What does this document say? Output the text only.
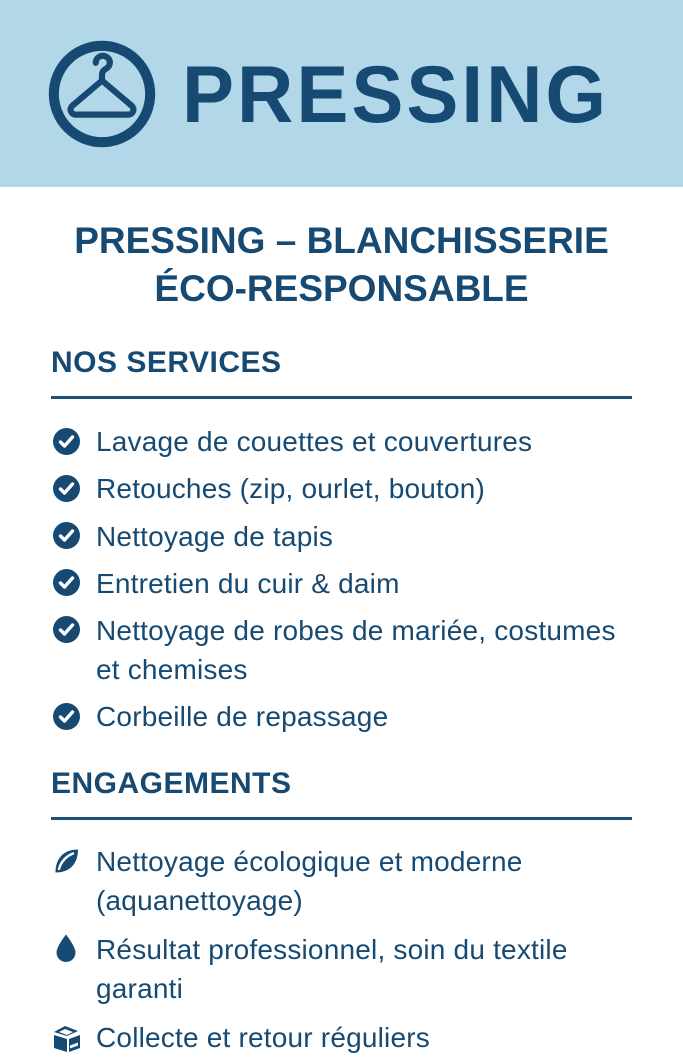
PRESSING
PRESSING – BLANCHISSERIE
ÉCO-RESPONSABLE
NOS SERVICES
Lavage de couettes et couvertures
Retouches (zip, ourlet, bouton)
Nettoyage de tapis
Entretien du cuir & daim
Nettoyage de robes de mariée, costumes et chemises
Corbeille de repassage
ENGAGEMENTS
Nettoyage écologique et moderne (aquanettoyage)
Résultat professionnel, soin du textile garanti
Collecte et retour réguliers
